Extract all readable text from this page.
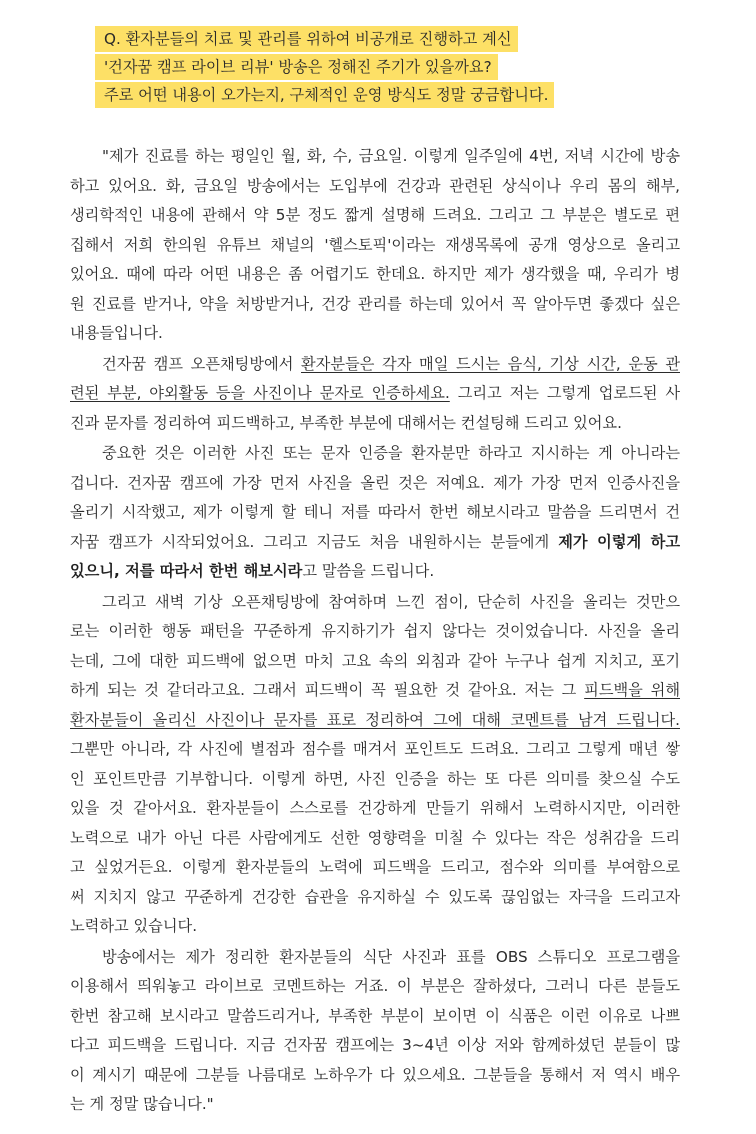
Q. 환자분들의 치료 및 관리를 위하여 비공개로 진행하고 계신
'건자꿈 캠프 라이브 리뷰' 방송은 정해진 주기가 있을까요?
주로 어떤 내용이 오가는지, 구체적인 운영 방식도 정말 궁금합니다.
"제가 진료를 하는 평일인 월, 화, 수, 금요일. 이렇게 일주일에 4번, 저녁 시간에 방송
하고 있어요. 화, 금요일 방송에서는 도입부에 건강과 관련된 상식이나 우리 몸의 해부,
생리학적인 내용에 관해서 약 5분 정도 짧게 설명해 드려요. 그리고 그 부분은 별도로 편
집해서 저희 한의원 유튜브 채널의 '헬스토픽'이라는 재생목록에 공개 영상으로 올리고
있어요. 때에 따라 어떤 내용은 좀 어렵기도 한데요. 하지만 제가 생각했을 때, 우리가 병
원 진료를 받거나, 약을 처방받거나, 건강 관리를 하는데 있어서 꼭 알아두면 좋겠다 싶은
내용들입니다.
건자꿈 캠프 오픈채팅방에서 환자분들은 각자 매일 드시는 음식, 기상 시간, 운동 관
련된 부분, 야외활동 등을 사진이나 문자로 인증하세요. 그리고 저는 그렇게 업로드된 사
진과 문자를 정리하여 피드백하고, 부족한 부분에 대해서는 컨설팅해 드리고 있어요.
중요한 것은 이러한 사진 또는 문자 인증을 환자분만 하라고 지시하는 게 아니라는
겁니다. 건자꿈 캠프에 가장 먼저 사진을 올린 것은 저예요. 제가 가장 먼저 인증사진을
올리기 시작했고, 제가 이렇게 할 테니 저를 따라서 한번 해보시라고 말씀을 드리면서 건
자꿈 캠프가 시작되었어요. 그리고 지금도 처음 내원하시는 분들에게 제가 이렇게 하고
있으니, 저를 따라서 한번 해보시라고 말씀을 드립니다.
그리고 새벽 기상 오픈채팅방에 참여하며 느낀 점이, 단순히 사진을 올리는 것만으
로는 이러한 행동 패턴을 꾸준하게 유지하기가 쉽지 않다는 것이었습니다. 사진을 올리
는데, 그에 대한 피드백에 없으면 마치 고요 속의 외침과 같아 누구나 쉽게 지치고, 포기
하게 되는 것 같더라고요. 그래서 피드백이 꼭 필요한 것 같아요. 저는 그 피드백을 위해
환자분들이 올리신 사진이나 문자를 표로 정리하여 그에 대해 코멘트를 남겨 드립니다.
그뿐만 아니라, 각 사진에 별점과 점수를 매겨서 포인트도 드려요. 그리고 그렇게 매년 쌓
인 포인트만큼 기부합니다. 이렇게 하면, 사진 인증을 하는 또 다른 의미를 찾으실 수도
있을 것 같아서요. 환자분들이 스스로를 건강하게 만들기 위해서 노력하시지만, 이러한
노력으로 내가 아닌 다른 사람에게도 선한 영향력을 미칠 수 있다는 작은 성취감을 드리
고 싶었거든요. 이렇게 환자분들의 노력에 피드백을 드리고, 점수와 의미를 부여함으로
써 지치지 않고 꾸준하게 건강한 습관을 유지하실 수 있도록 끊임없는 자극을 드리고자
노력하고 있습니다.
방송에서는 제가 정리한 환자분들의 식단 사진과 표를 OBS 스튜디오 프로그램을
이용해서 띄워놓고 라이브로 코멘트하는 거죠. 이 부분은 잘하셨다, 그러니 다른 분들도
한번 참고해 보시라고 말씀드리거나, 부족한 부분이 보이면 이 식품은 이런 이유로 나쁘
다고 피드백을 드립니다. 지금 건자꿈 캠프에는 3~4년 이상 저와 함께하셨던 분들이 많
이 계시기 때문에 그분들 나름대로 노하우가 다 있으세요. 그분들을 통해서 저 역시 배우
는 게 정말 많습니다."
